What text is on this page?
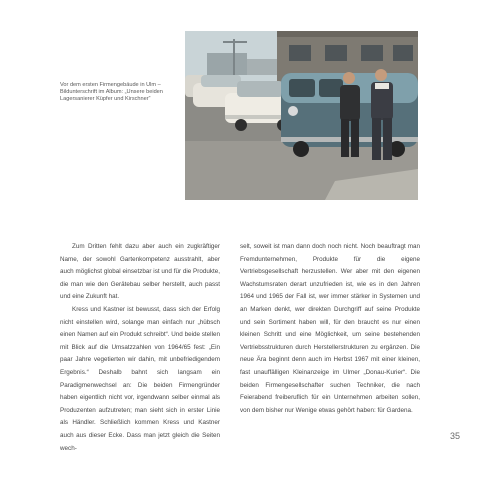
Vor dem ersten Firmengebäude in Ulm – Bildunterschrift im Album: „Unsere beiden Lagersanierer Küpfer und Kirschner“

Zum Dritten fehlt dazu aber auch ein zugkräftiger Name, der sowohl Gartenkompetenz ausstrahlt, aber auch möglichst global einsetzbar ist und für die Produkte, die man wie den Gerätebau selber herstellt, auch passt und eine Zukunft hat.

Kress und Kastner ist bewusst, dass sich der Erfolg nicht einstellen wird, solange man einfach nur „hübsch einen Namen auf ein Produkt schreibt“. Und beide stellen mit Blick auf die Umsatzzahlen von 1964/65 fest: „Ein paar Jahre vegetierten wir dahin, mit unbefriedigendem Ergebnis.“ Deshalb bahnt sich langsam ein Paradigmenwechsel an: Die beiden Firmengründer haben eigentlich nicht vor, irgendwann selber einmal als Produzenten aufzutreten; man sieht sich in erster Linie als Händler. Schließlich kommen Kress und Kastner auch aus dieser Ecke. Dass man jetzt gleich die Seiten wech-

selt, soweit ist man dann doch noch nicht. Noch beauftragt man Fremdunternehmen, Produkte für die eigene Vertriebsgesellschaft herzustellen. Wer aber mit den eigenen Wachstumsraten derart unzufrieden ist, wie es in den Jahren 1964 und 1965 der Fall ist, wer immer stärker in Systemen und an Marken denkt, wer direkten Durchgriff auf seine Produkte und sein Sortiment haben will, für den braucht es nur einen kleinen Schritt und eine Möglichkeit, um seine bestehenden Vertriebsstrukturen durch Herstellerstrukturen zu ergänzen. Die neue Ära beginnt denn auch im Herbst 1967 mit einer kleinen, fast unauffälligen Kleinanzeige im Ulmer „Donau-Kurier“. Die beiden Firmengesellschafter suchen Techniker, die nach Feierabend freiberuflich für ein Unternehmen arbeiten sollen, von dem bisher nur Wenige etwas gehört haben: für Gardena.

35
